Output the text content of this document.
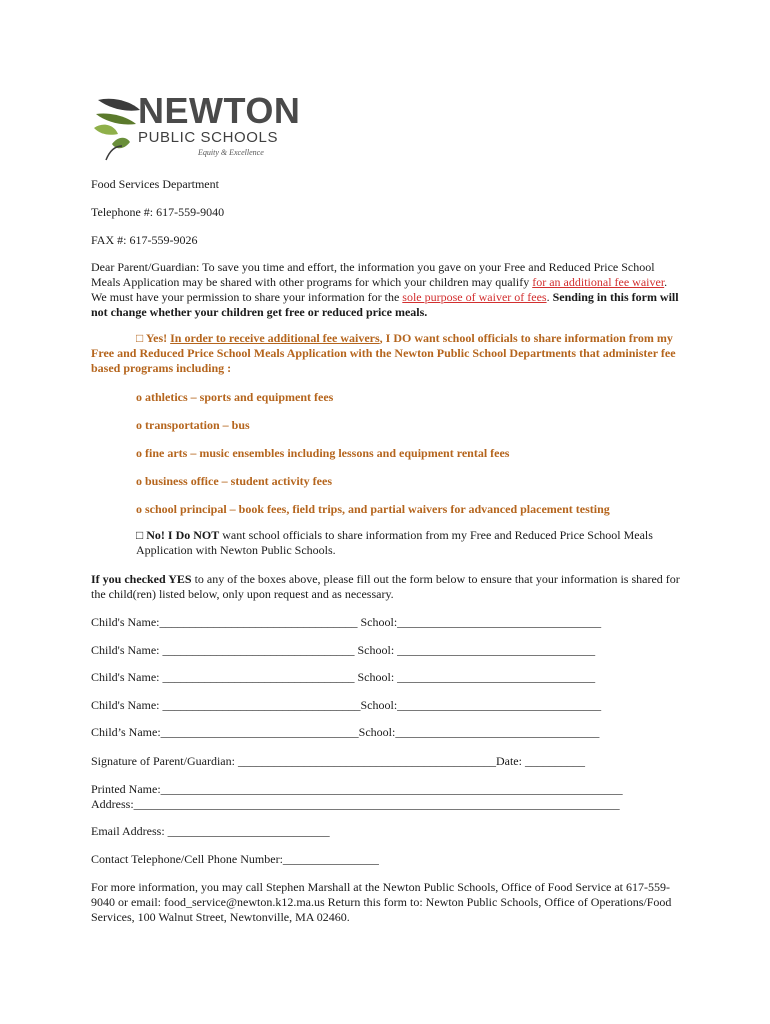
NEWTON
PUBLIC SCHOOLS
Equity & Excellence
Food Services Department
Telephone #: 617-559-9040
FAX #: 617-559-9026
Dear Parent/Guardian: To save you time and effort, the information you gave on your Free and Reduced Price School Meals Application may be shared with other programs for which your children may qualify for an additional fee waiver. We must have your permission to share your information for the sole purpose of waiver of fees. Sending in this form will not change whether your children get free or reduced price meals.
□ Yes! In order to receive additional fee waivers, I DO want school officials to share information from my Free and Reduced Price School Meals Application with the Newton Public School Departments that administer fee based programs including :
o athletics – sports and equipment fees
o transportation – bus
o fine arts – music ensembles including lessons and equipment rental fees
o business office – student activity fees
o school principal – book fees, field trips, and partial waivers for advanced placement testing
□ No! I Do NOT want school officials to share information from my Free and Reduced Price School Meals Application with Newton Public Schools.
If you checked YES to any of the boxes above, please fill out the form below to ensure that your information is shared for the child(ren) listed below, only upon request and as necessary.
Child's Name:_________________________________ School:__________________________________
Child's Name: ________________________________ School: _________________________________
Child's Name: ________________________________ School: _________________________________
Child's Name: _________________________________School:__________________________________
Child’s Name:_________________________________School:__________________________________
Signature of Parent/Guardian: ___________________________________________Date: __________
Printed Name:_____________________________________________________________________________
Address:_________________________________________________________________________________
Email Address: ___________________________
Contact Telephone/Cell Phone Number:________________
For more information, you may call Stephen Marshall at the Newton Public Schools, Office of Food Service at 617-559-9040 or email: food_service@newton.k12.ma.us Return this form to: Newton Public Schools, Office of Operations/Food Services, 100 Walnut Street, Newtonville, MA 02460.
